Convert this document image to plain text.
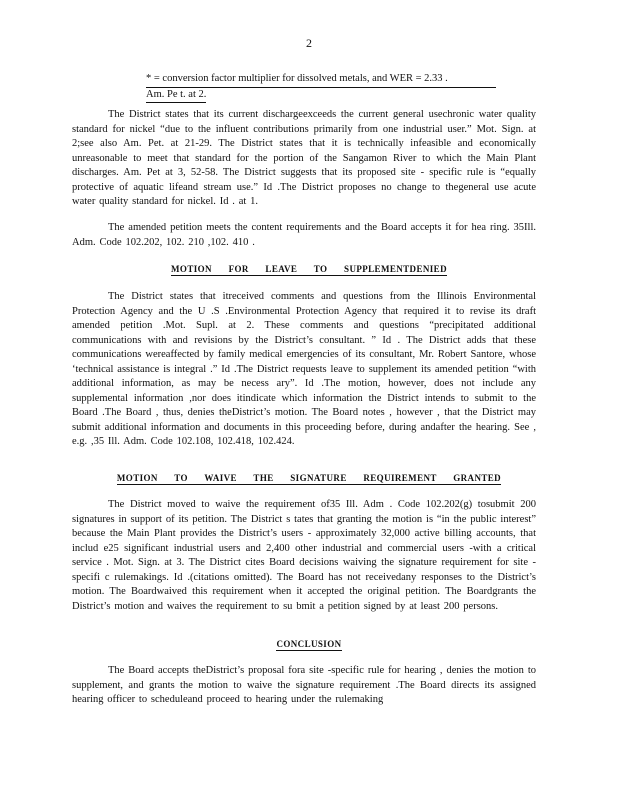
2
* = conversion factor multiplier for dissolved metals, and WER = 2.33 .
Am. Pe t. at 2.

The District states that its current dischargeexceeds the current general usechronic water quality standard for nickel “due to the influent contributions primarily from one industrial user.” Mot. Sign. at 2;see also Am. Pet. at 21-29. The District states that it is technically infeasible and economically unreasonable to meet that standard for the portion of the Sangamon River to which the Main Plant discharges. Am. Pet at 3, 52-58. The District suggests that its proposed site - specific rule is “equally protective of aquatic lifeand stream use.” Id .The District proposes no change to thegeneral use acute water quality standard for nickel. Id . at 1.

The amended petition meets the content requirements and the Board accepts it for hea ring. 35Ill. Adm. Code 102.202, 102. 210 ,102. 410 .

MOTION FOR LEAVE TO SUPPLEMENTDENIED

The District states that itreceived comments and questions from the Illinois Environmental Protection Agency and the U .S .Environmental Protection Agency that required it to revise its draft amended petition .Mot. Supl. at 2. These comments and questions “precipitated additional communications with and revisions by the District’s consultant. ” Id . The District adds that these communications wereaffected by family medical emergencies of its consultant, Mr. Robert Santore, whose ‘technical assistance is integral .” Id .The District requests leave to supplement its amended petition “with additional information, as may be necess ary”. Id .The motion, however, does not include any supplemental information ,nor does itindicate which information the District intends to submit to the Board .The Board , thus, denies theDistrict’s motion. The Board notes , however , that the District may submit additional information and documents in this proceeding before, during andafter the hearing. See , e.g. ,35 Ill. Adm. Code 102.108, 102.418, 102.424.

MOTION TO WAIVE THE SIGNATURE REQUIREMENT GRANTED

The District moved to waive the requirement of35 Ill. Adm . Code 102.202(g) tosubmit 200 signatures in support of its petition. The District s tates that granting the motion is “in the public interest” because the Main Plant provides the District’s users - approximately 32,000 active billing accounts, that includ e25 significant industrial users and 2,400 other industrial and commercial users -with a critical service . Mot. Sign. at 3. The District cites Board decisions waiving the signature requirement for site - specifi c rulemakings. Id .(citations omitted). The Board has not receivedany responses to the District’s motion. The Boardwaived this requirement when it accepted the original petition. The Boardgrants the District’s motion and waives the requirement to su bmit a petition signed by at least 200 persons.

CONCLUSION

The Board accepts theDistrict’s proposal fora site -specific rule for hearing , denies the motion to supplement, and grants the motion to waive the signature requirement .The Board directs its assigned hearing officer to scheduleand proceed to hearing under the rulemaking
